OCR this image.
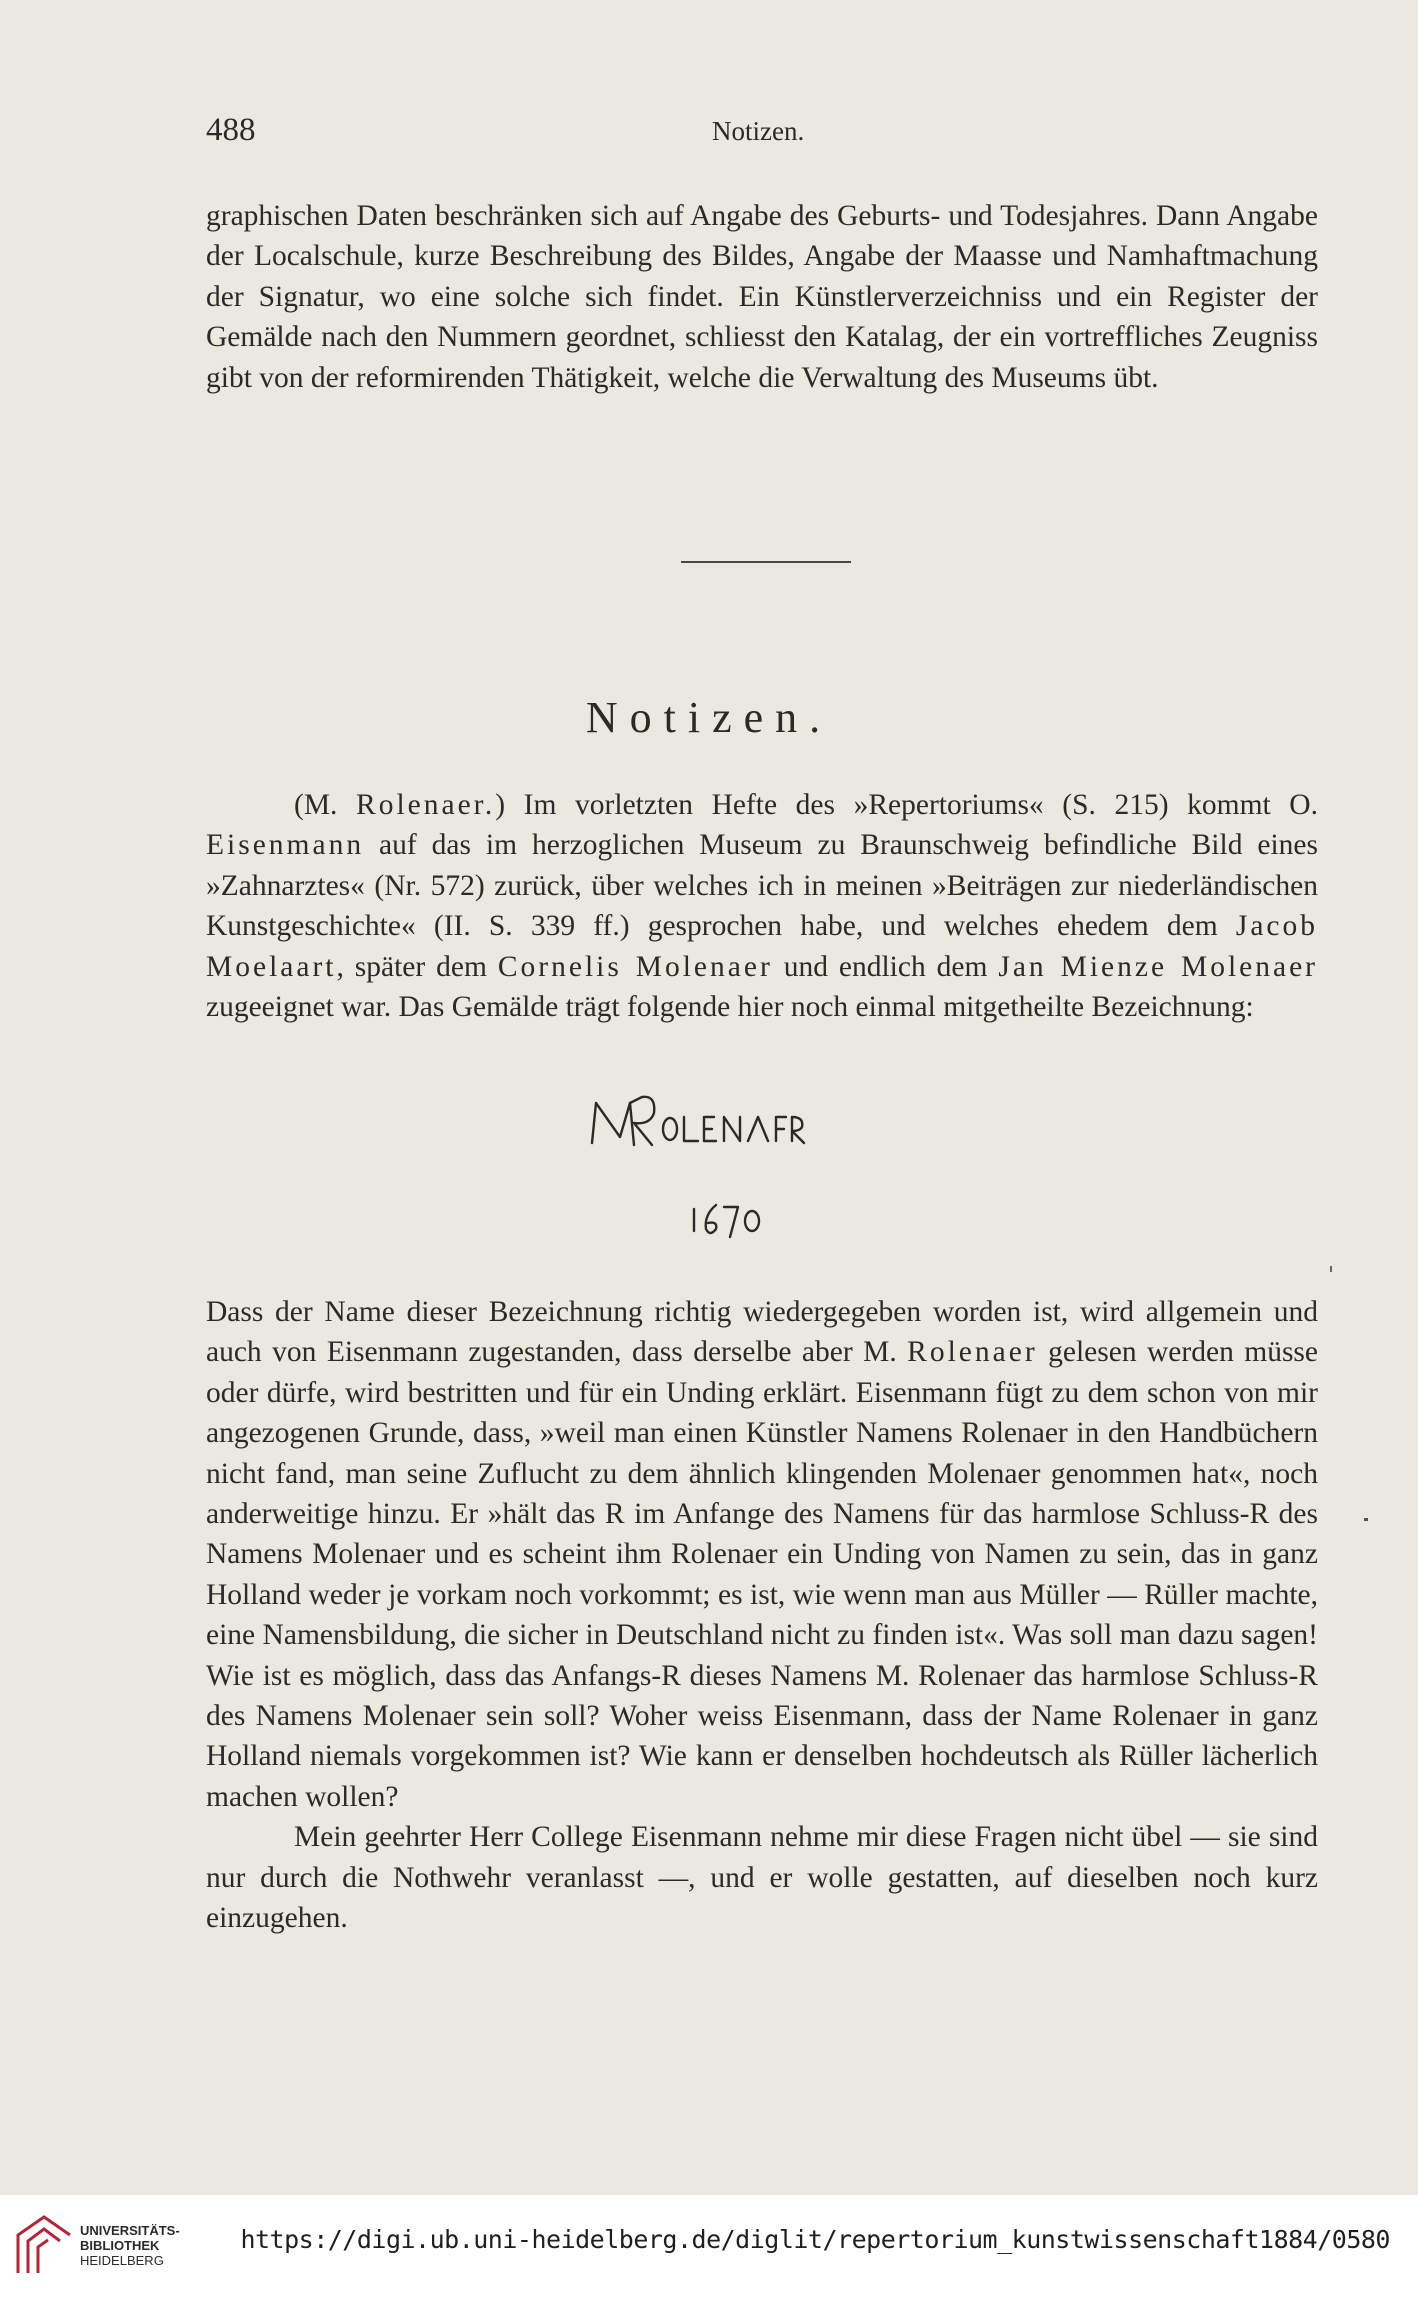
488	Notizen.

graphischen Daten beschränken sich auf Angabe des Geburts- und Todesjahres. Dann Angabe der Localschule, kurze Beschreibung des Bildes, Angabe der Maasse und Namhaftmachung der Signatur, wo eine solche sich findet. Ein Künstlerverzeichniss und ein Register der Gemälde nach den Nummern geordnet, schliesst den Katalag, der ein vortreffliches Zeugniss gibt von der reformirenden Thätigkeit, welche die Verwaltung des Museums übt.

Notizen.

(M. Rolenaer.) Im vorletzten Hefte des »Repertoriums« (S. 215) kommt O. Eisenmann auf das im herzoglichen Museum zu Braunschweig befindliche Bild eines »Zahnarztes« (Nr. 572) zurück, über welches ich in meinen »Beiträgen zur niederländischen Kunstgeschichte« (II. S. 339 ff.) gesprochen habe, und welches ehedem dem Jacob Moelaart, später dem Cornelis Molenaer und endlich dem Jan Mienze Molenaer zugeeignet war. Das Gemälde trägt folgende hier noch einmal mitgetheilte Bezeichnung:

Dass der Name dieser Bezeichnung richtig wiedergegeben worden ist, wird allgemein und auch von Eisenmann zugestanden, dass derselbe aber M. Rolenaer gelesen werden müsse oder dürfe, wird bestritten und für ein Unding erklärt. Eisenmann fügt zu dem schon von mir angezogenen Grunde, dass, »weil man einen Künstler Namens Rolenaer in den Handbüchern nicht fand, man seine Zuflucht zu dem ähnlich klingenden Molenaer genommen hat«, noch anderweitige hinzu. Er »hält das R im Anfange des Namens für das harmlose Schluss-R des Namens Molenaer und es scheint ihm Rolenaer ein Unding von Namen zu sein, das in ganz Holland weder je vorkam noch vorkommt; es ist, wie wenn man aus Müller — Rüller machte, eine Namensbildung, die sicher in Deutschland nicht zu finden ist«. Was soll man dazu sagen! Wie ist es möglich, dass das Anfangs-R dieses Namens M. Rolenaer das harmlose Schluss-R des Namens Molenaer sein soll? Woher weiss Eisenmann, dass der Name Rolenaer in ganz Holland niemals vorgekommen ist? Wie kann er denselben hochdeutsch als Rüller lächerlich machen wollen?

Mein geehrter Herr College Eisenmann nehme mir diese Fragen nicht übel — sie sind nur durch die Nothwehr veranlasst —, und er wolle gestatten, auf dieselben noch kurz einzugehen.

UNIVERSITÄTS-
BIBLIOTHEK
HEIDELBERG
https://digi.ub.uni-heidelberg.de/diglit/repertorium_kunstwissenschaft1884/0580
